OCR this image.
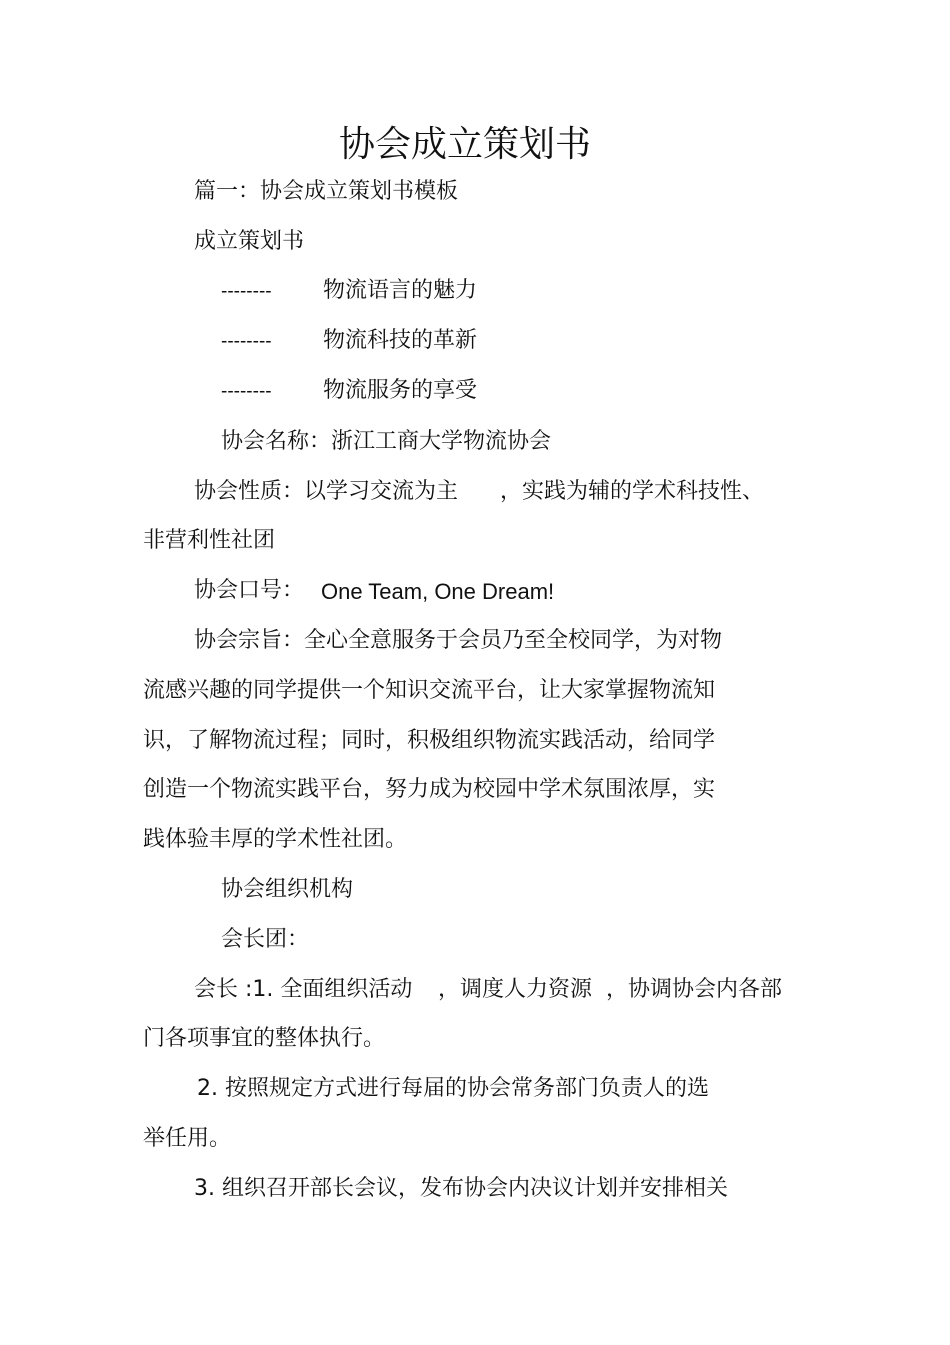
协会成立策划书
篇一：协会成立策划书模板
成立策划书
-------- 物流语言的魅力
-------- 物流科技的革新
-------- 物流服务的享受
协会名称：浙江工商大学物流协会
协会性质：以学习交流为主 ，实践为辅的学术科技性、
非营利性社团
协会口号： One Team, One Dream!
协会宗旨：全心全意服务于会员乃至全校同学，为对物
流感兴趣的同学提供一个知识交流平台，让大家掌握物流知
识，了解物流过程；同时，积极组织物流实践活动，给同学
创造一个物流实践平台，努力成为校园中学术氛围浓厚，实
践体验丰厚的学术性社团。
协会组织机构
会长团：
会长 :1. 全面组织活动 ，调度人力资源 ，协调协会内各部
门各项事宜的整体执行。
2. 按照规定方式进行每届的协会常务部门负责人的选
举任用。
3. 组织召开部长会议，发布协会内决议计划并安排相关
